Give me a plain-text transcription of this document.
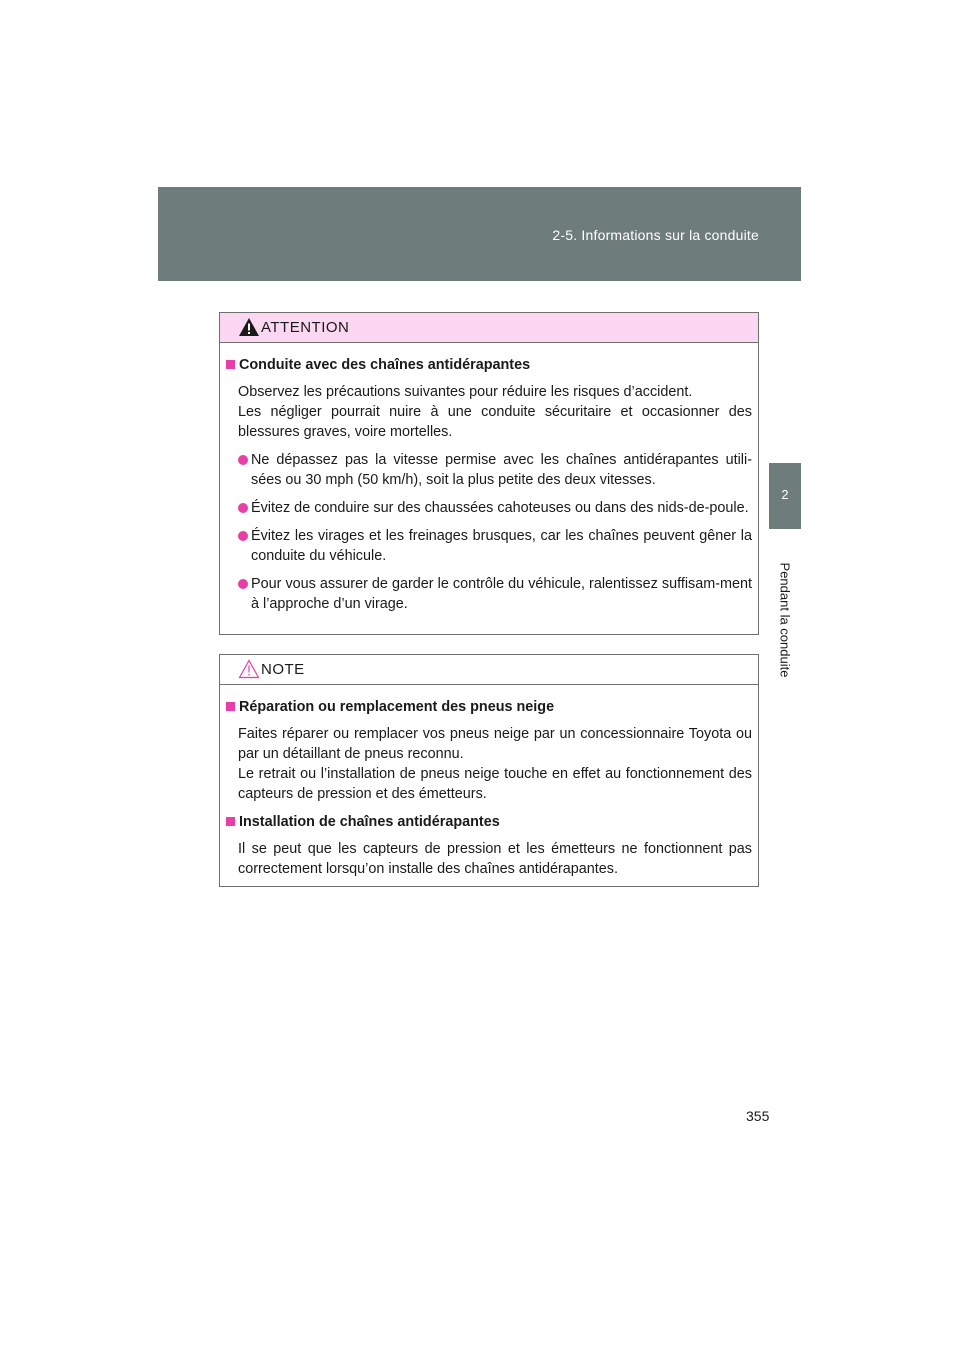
2-5. Informations sur la conduite
2
Pendant la conduite
ATTENTION
Conduite avec des chaînes antidérapantes
Observez les précautions suivantes pour réduire les risques d’accident.
Les négliger pourrait nuire à une conduite sécuritaire et occasionner des blessures graves, voire mortelles.
Ne dépassez pas la vitesse permise avec les chaînes antidérapantes utili-sées ou 30 mph (50 km/h), soit la plus petite des deux vitesses.
Évitez de conduire sur des chaussées cahoteuses ou dans des nids-de-poule.
Évitez les virages et les freinages brusques, car les chaînes peuvent gêner la conduite du véhicule.
Pour vous assurer de garder le contrôle du véhicule, ralentissez suffisam-ment à l’approche d’un virage.
NOTE
Réparation ou remplacement des pneus neige
Faites réparer ou remplacer vos pneus neige par un concessionnaire Toyota ou par un détaillant de pneus reconnu.
Le retrait ou l’installation de pneus neige touche en effet au fonctionnement des capteurs de pression et des émetteurs.
Installation de chaînes antidérapantes
Il se peut que les capteurs de pression et les émetteurs ne fonctionnent pas correctement lorsqu’on installe des chaînes antidérapantes.
355
